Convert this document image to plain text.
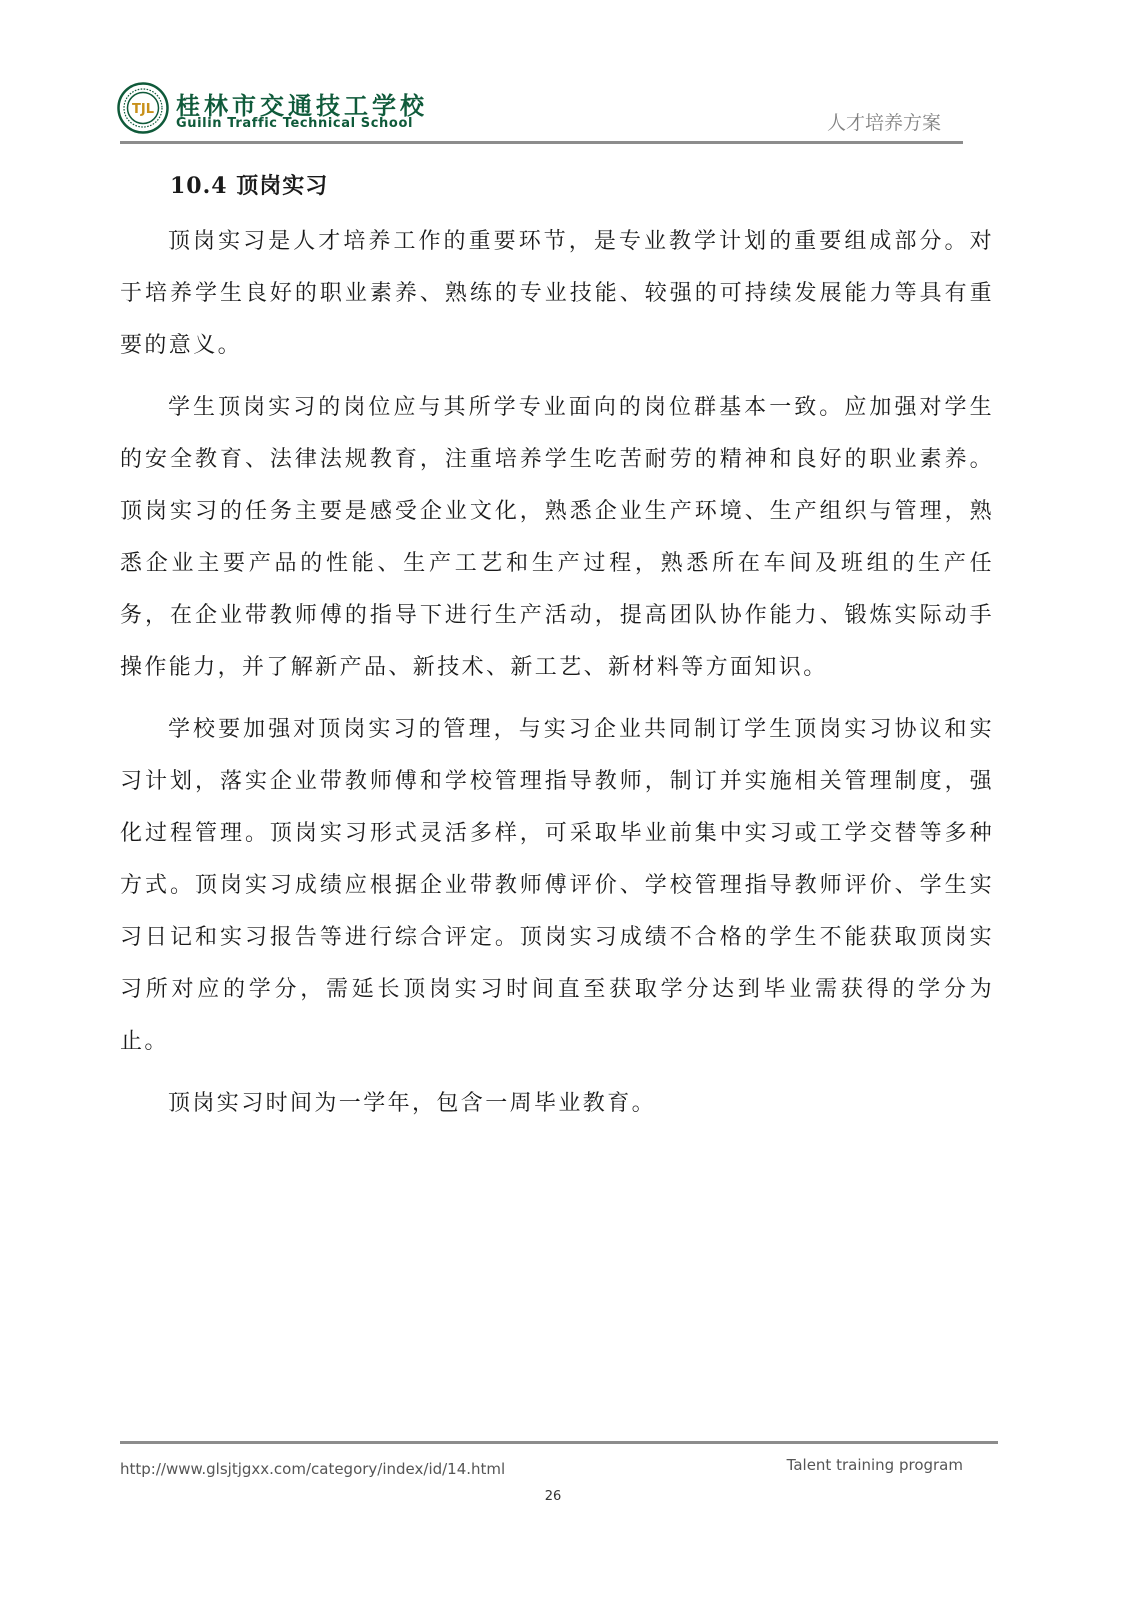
TJL 桂林市交通技工学校
Guilin Traffic Technical School	人才培养方案
10.4 顶岗实习

顶岗实习是人才培养工作的重要环节，是专业教学计划的重要组成部分。对于培养学生良好的职业素养、熟练的专业技能、较强的可持续发展能力等具有重要的意义。

学生顶岗实习的岗位应与其所学专业面向的岗位群基本一致。应加强对学生的安全教育、法律法规教育，注重培养学生吃苦耐劳的精神和良好的职业素养。顶岗实习的任务主要是感受企业文化，熟悉企业生产环境、生产组织与管理，熟悉企业主要产品的性能、生产工艺和生产过程，熟悉所在车间及班组的生产任务，在企业带教师傅的指导下进行生产活动，提高团队协作能力、锻炼实际动手操作能力，并了解新产品、新技术、新工艺、新材料等方面知识。

学校要加强对顶岗实习的管理，与实习企业共同制订学生顶岗实习协议和实习计划，落实企业带教师傅和学校管理指导教师，制订并实施相关管理制度，强化过程管理。顶岗实习形式灵活多样，可采取毕业前集中实习或工学交替等多种方式。顶岗实习成绩应根据企业带教师傅评价、学校管理指导教师评价、学生实习日记和实习报告等进行综合评定。顶岗实习成绩不合格的学生不能获取顶岗实习所对应的学分，需延长顶岗实习时间直至获取学分达到毕业需获得的学分为止。

顶岗实习时间为一学年，包含一周毕业教育。

http://www.glsjtjgxx.com/category/index/id/14.html	Talent training program
26
